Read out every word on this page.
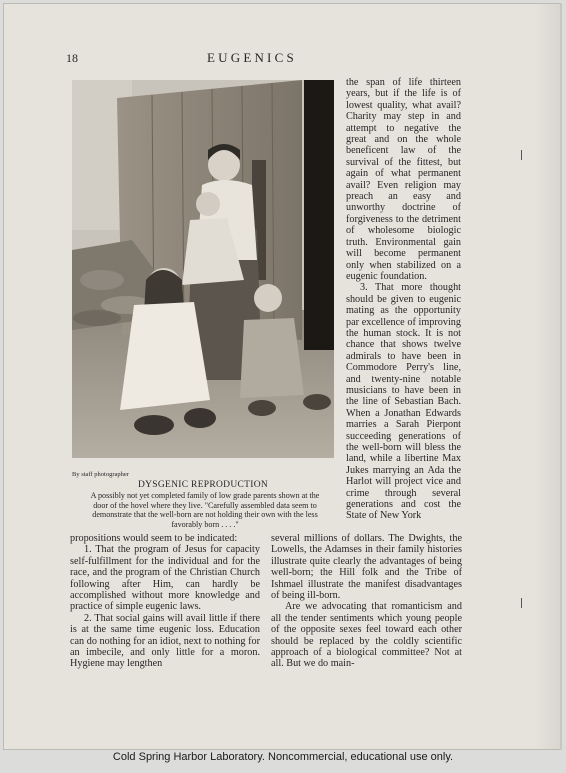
18	EUGENICS
By staff photographer
DYSGENIC REPRODUCTION
A possibly not yet completed family of low grade parents shown at the door of the hovel where they live. "Carefully assembled data seem to demonstrate that the well-born are not holding their own with the less favorably born . . . ."

the span of life thirteen years, but if the life is of lowest quality, what avail? Charity may step in and attempt to negative the great and on the whole beneficent law of the survival of the fittest, but again of what permanent avail? Even religion may preach an easy and unworthy doctrine of forgiveness to the detriment of wholesome biologic truth. Environmental gain will become permanent only when stabilized on a eugenic foundation.

3. That more thought should be given to eugenic mating as the opportunity par excellence of improving the human stock. It is not chance that shows twelve admirals to have been in Commodore Perry's line, and twenty-nine notable musicians to have been in the line of Sebastian Bach. When a Jonathan Edwards marries a Sarah Pierpont succeeding generations of the well-born will bless the land, while a libertine Max Jukes marrying an Ada the Harlot will project vice and crime through several generations and cost the State of New York

propositions would seem to be indicated:

1. That the program of Jesus for capacity self-fulfillment for the individual and for the race, and the program of the Christian Church following after Him, can hardly be accomplished without more knowledge and practice of simple eugenic laws.

2. That social gains will avail little if there is at the same time eugenic loss. Education can do nothing for an idiot, next to nothing for an imbecile, and only little for a moron. Hygiene may lengthen

several millions of dollars. The Dwights, the Lowells, the Adamses in their family histories illustrate quite clearly the advantages of being well-born; the Hill folk and the Tribe of Ishmael illustrate the manifest disadvantages of being ill-born.

Are we advocating that romanticism and all the tender sentiments which young people of the opposite sexes feel toward each other should be replaced by the coldly scientific approach of a biological committee? Not at all. But we do main-

Cold Spring Harbor Laboratory. Noncommercial, educational use only.
